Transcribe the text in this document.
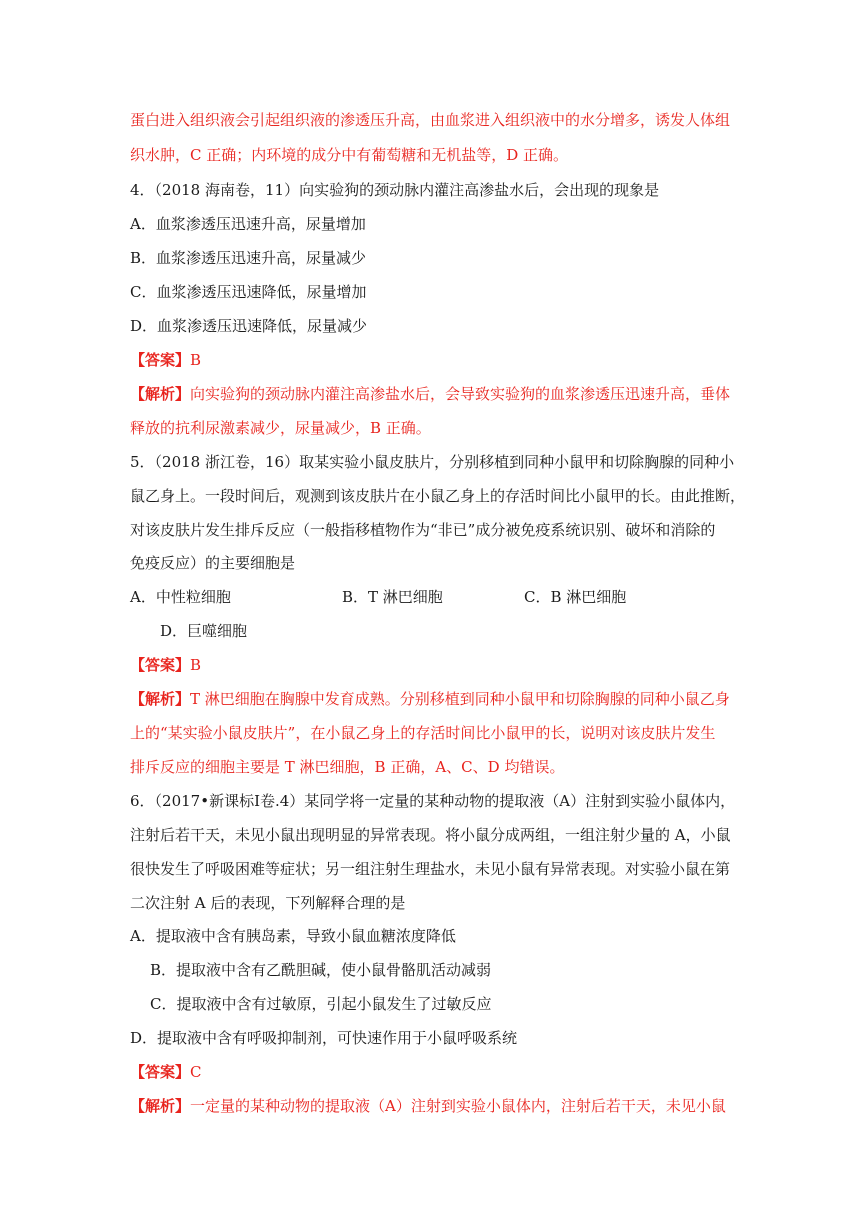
蛋白进入组织液会引起组织液的渗透压升高，由血浆进入组织液中的水分增多，诱发人体组
织水肿，C 正确；内环境的成分中有葡萄糖和无机盐等，D 正确。
4．（2018 海南卷，11）向实验狗的颈动脉内灌注高渗盐水后，会出现的现象是
A．血浆渗透压迅速升高，尿量增加
B．血浆渗透压迅速升高，尿量减少
C．血浆渗透压迅速降低，尿量增加
D．血浆渗透压迅速降低，尿量减少
【答案】B
【解析】向实验狗的颈动脉内灌注高渗盐水后，会导致实验狗的血浆渗透压迅速升高，垂体
释放的抗利尿激素减少，尿量减少，B 正确。
5．（2018 浙江卷，16）取某实验小鼠皮肤片，分别移植到同种小鼠甲和切除胸腺的同种小
鼠乙身上。一段时间后，观测到该皮肤片在小鼠乙身上的存活时间比小鼠甲的长。由此推断，
对该皮肤片发生排斥反应（一般指移植物作为“非已”成分被免疫系统识别、破坏和消除的
免疫反应）的主要细胞是
A．中性粒细胞	B．T 淋巴细胞	C．B 淋巴细胞
D．巨噬细胞
【答案】B
【解析】T 淋巴细胞在胸腺中发育成熟。分别移植到同种小鼠甲和切除胸腺的同种小鼠乙身
上的“某实验小鼠皮肤片”，在小鼠乙身上的存活时间比小鼠甲的长，说明对该皮肤片发生
排斥反应的细胞主要是 T 淋巴细胞，B 正确，A、C、D 均错误。
6．（2017•新课标Ⅰ卷.4）某同学将一定量的某种动物的提取液（A）注射到实验小鼠体内，
注射后若干天，未见小鼠出现明显的异常表现。将小鼠分成两组，一组注射少量的 A，小鼠
很快发生了呼吸困难等症状；另一组注射生理盐水，未见小鼠有异常表现。对实验小鼠在第
二次注射 A 后的表现，下列解释合理的是
A．提取液中含有胰岛素，导致小鼠血糖浓度降低
B．提取液中含有乙酰胆碱，使小鼠骨骼肌活动减弱
C．提取液中含有过敏原，引起小鼠发生了过敏反应
D．提取液中含有呼吸抑制剂，可快速作用于小鼠呼吸系统
【答案】C
【解析】一定量的某种动物的提取液（A）注射到实验小鼠体内，注射后若干天，未见小鼠
